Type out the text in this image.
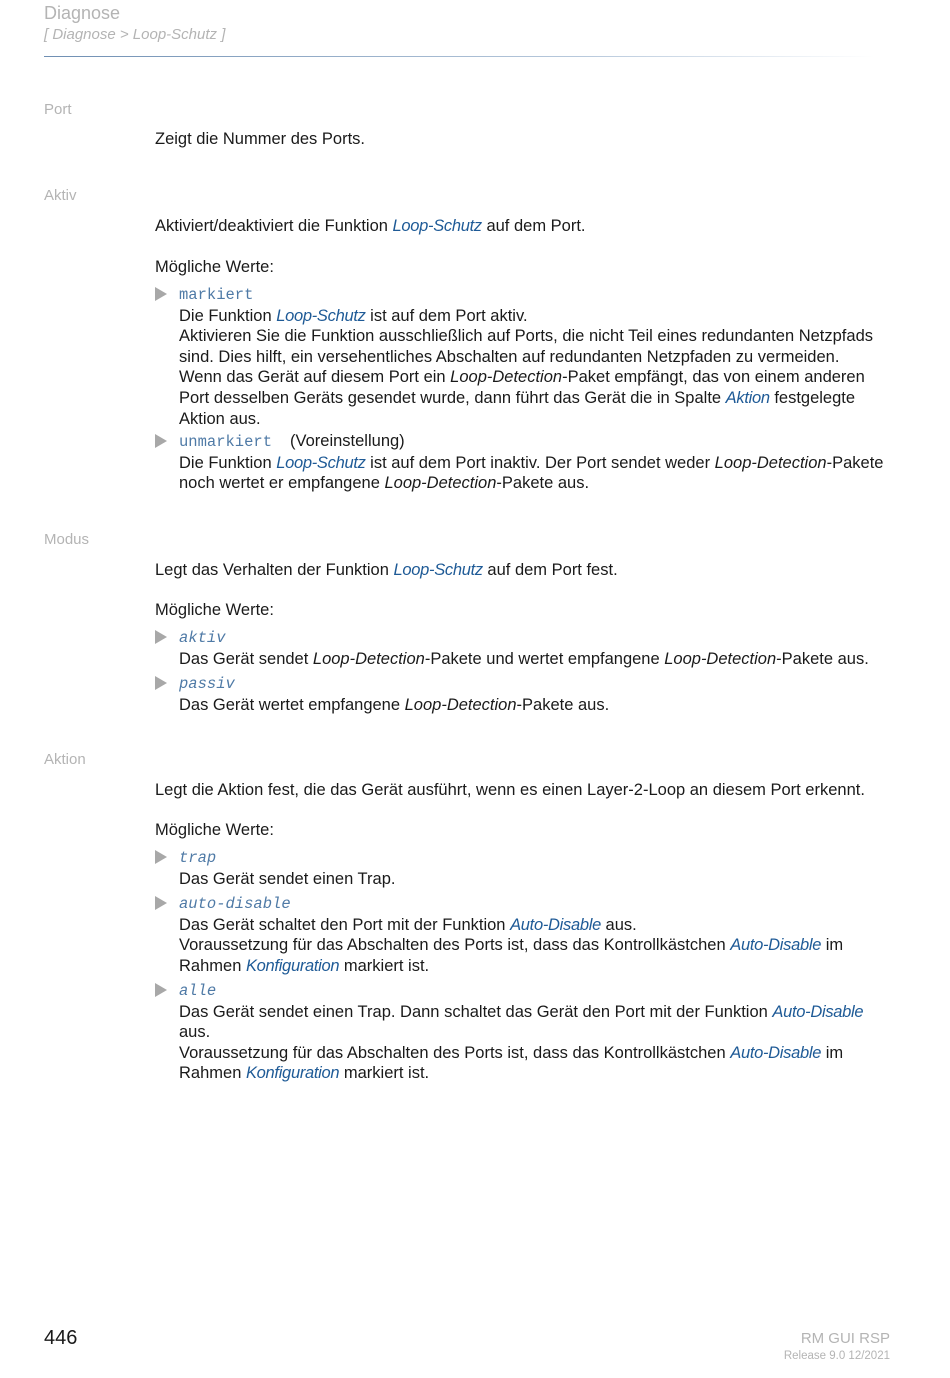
Diagnose
[ Diagnose > Loop-Schutz ]
Port

Zeigt die Nummer des Ports.

Aktiv

Aktiviert/deaktiviert die Funktion Loop-Schutz auf dem Port.

Mögliche Werte:
markiert
Die Funktion Loop-Schutz ist auf dem Port aktiv.
Aktivieren Sie die Funktion ausschließlich auf Ports, die nicht Teil eines redundanten Netzpfads
sind. Dies hilft, ein versehentliches Abschalten auf redundanten Netzpfaden zu vermeiden.
Wenn das Gerät auf diesem Port ein Loop-Detection-Paket empfängt, das von einem anderen
Port desselben Geräts gesendet wurde, dann führt das Gerät die in Spalte Aktion festgelegte
Aktion aus.
unmarkiert (Voreinstellung)
Die Funktion Loop-Schutz ist auf dem Port inaktiv. Der Port sendet weder Loop-Detection-Pakete
noch wertet er empfangene Loop-Detection-Pakete aus.
Modus

Legt das Verhalten der Funktion Loop-Schutz auf dem Port fest.

Mögliche Werte:
aktiv
Das Gerät sendet Loop-Detection-Pakete und wertet empfangene Loop-Detection-Pakete aus.
passiv
Das Gerät wertet empfangene Loop-Detection-Pakete aus.
Aktion

Legt die Aktion fest, die das Gerät ausführt, wenn es einen Layer-2-Loop an diesem Port erkennt.

Mögliche Werte:
trap
Das Gerät sendet einen Trap.
auto-disable
Das Gerät schaltet den Port mit der Funktion Auto-Disable aus.
Voraussetzung für das Abschalten des Ports ist, dass das Kontrollkästchen Auto-Disable im
Rahmen Konfiguration markiert ist.
alle
Das Gerät sendet einen Trap. Dann schaltet das Gerät den Port mit der Funktion Auto-Disable
aus.
Voraussetzung für das Abschalten des Ports ist, dass das Kontrollkästchen Auto-Disable im
Rahmen Konfiguration markiert ist.
446	RM GUI RSP
Release 9.0 12/2021
